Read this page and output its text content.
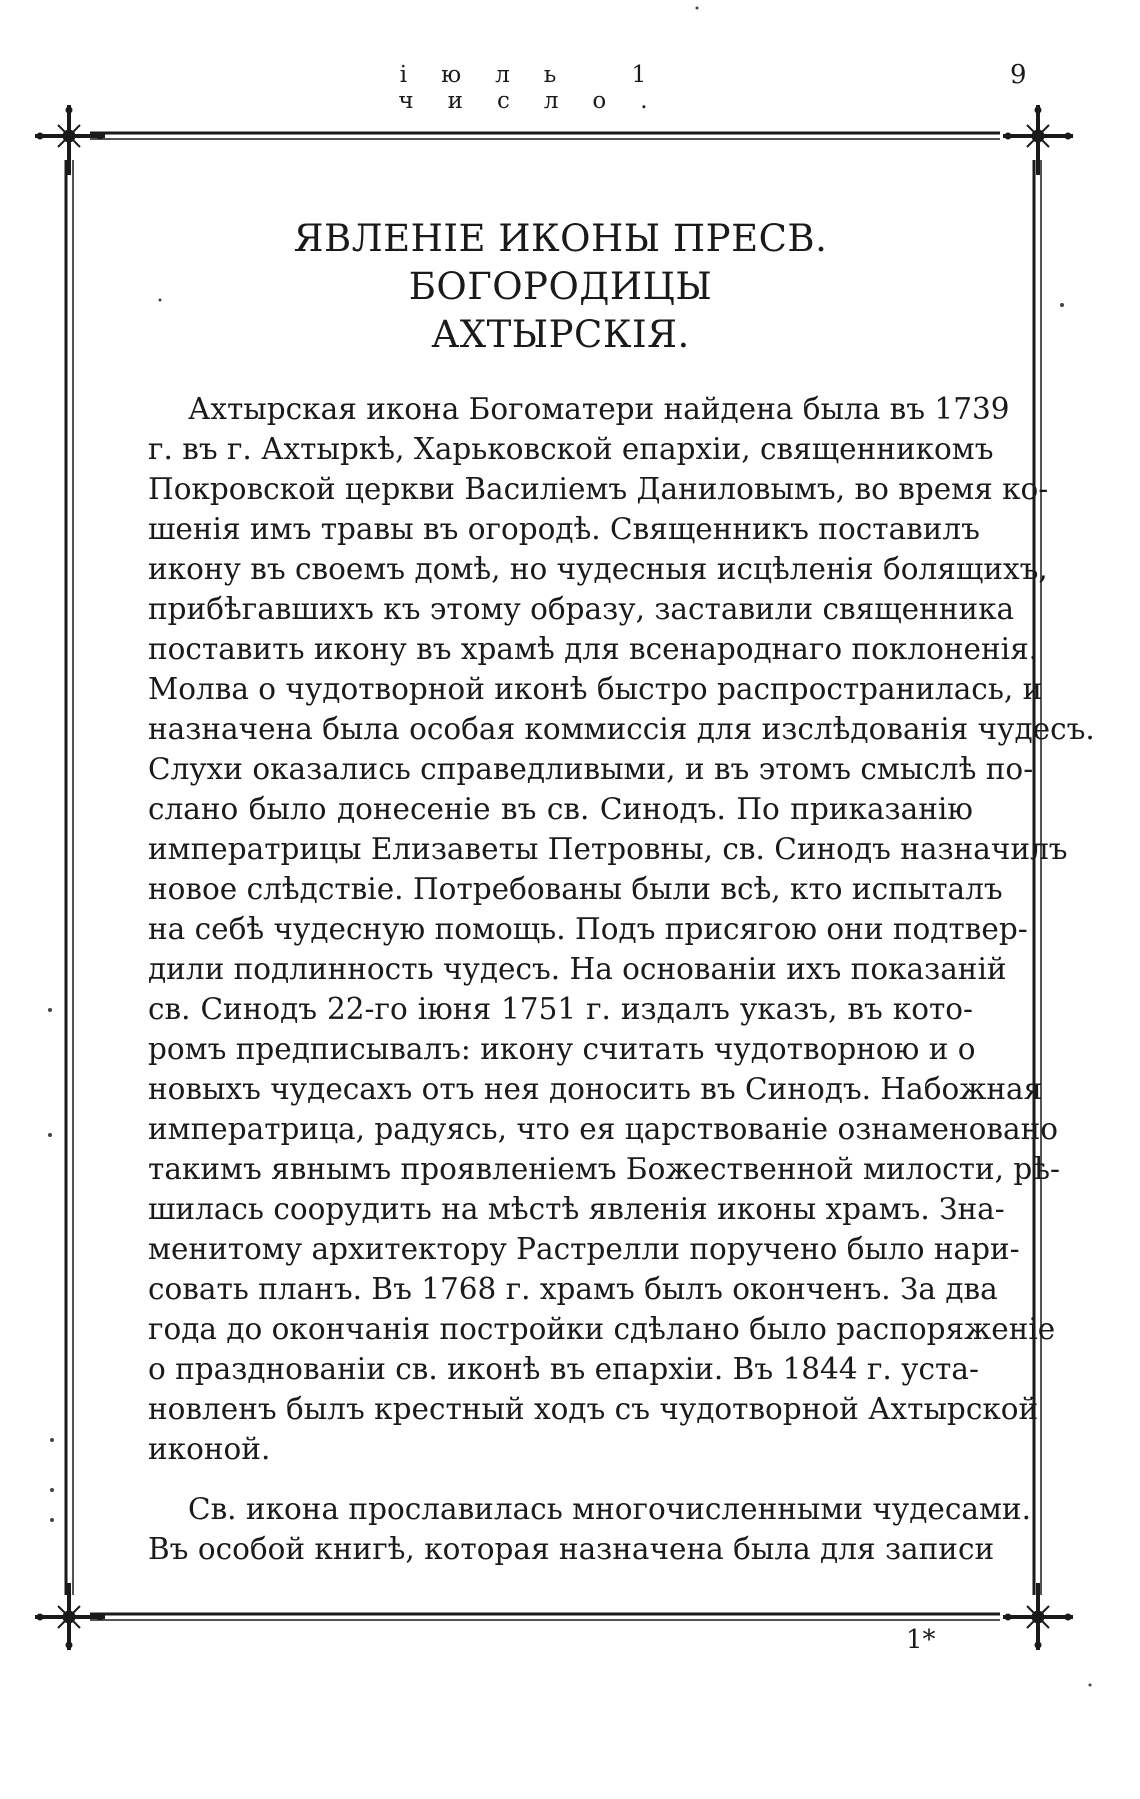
іюль 1 число.
9
ЯВЛЕНІЕ ИКОНЫ ПРЕСВ. БОГОРОДИЦЫ
АХТЫРСКІЯ.

Ахтырская икона Богоматери найдена была въ 1739
г. въ г. Ахтыркѣ, Харьковской епархіи, священникомъ
Покровской церкви Василіемъ Даниловымъ, во время ко-
шенія имъ травы въ огородѣ. Священникъ поставилъ
икону въ своемъ домѣ, но чудесныя исцѣленія болящихъ,
прибѣгавшихъ къ этому образу, заставили священника
поставить икону въ храмѣ для всенароднаго поклоненія.
Молва о чудотворной иконѣ быстро распространилась, и
назначена была особая коммиссія для изслѣдованія чудесъ.
Слухи оказались справедливыми, и въ этомъ смыслѣ по-
слано было донесеніе въ св. Синодъ. По приказанію
императрицы Елизаветы Петровны, св. Синодъ назначилъ
новое слѣдствіе. Потребованы были всѣ, кто испыталъ
на себѣ чудесную помощь. Подъ присягою они подтвер-
дили подлинность чудесъ. На основаніи ихъ показаній
св. Синодъ 22-го іюня 1751 г. издалъ указъ, въ кото-
ромъ предписывалъ: икону считать чудотворною и о
новыхъ чудесахъ отъ нея доносить въ Синодъ. Набожная
императрица, радуясь, что ея царствованіе ознаменовано
такимъ явнымъ проявленіемъ Божественной милости, рѣ-
шилась соорудить на мѣстѣ явленія иконы храмъ. Зна-
менитому архитектору Растрелли поручено было нари-
совать планъ. Въ 1768 г. храмъ былъ оконченъ. За два
года до окончанія постройки сдѣлано было распоряженіе
о празднованіи св. иконѣ въ епархіи. Въ 1844 г. уста-
новленъ былъ крестный ходъ съ чудотворной Ахтырской
иконой.

Св. икона прославилась многочисленными чудесами.
Въ особой книгѣ, которая назначена была для записи

1*
